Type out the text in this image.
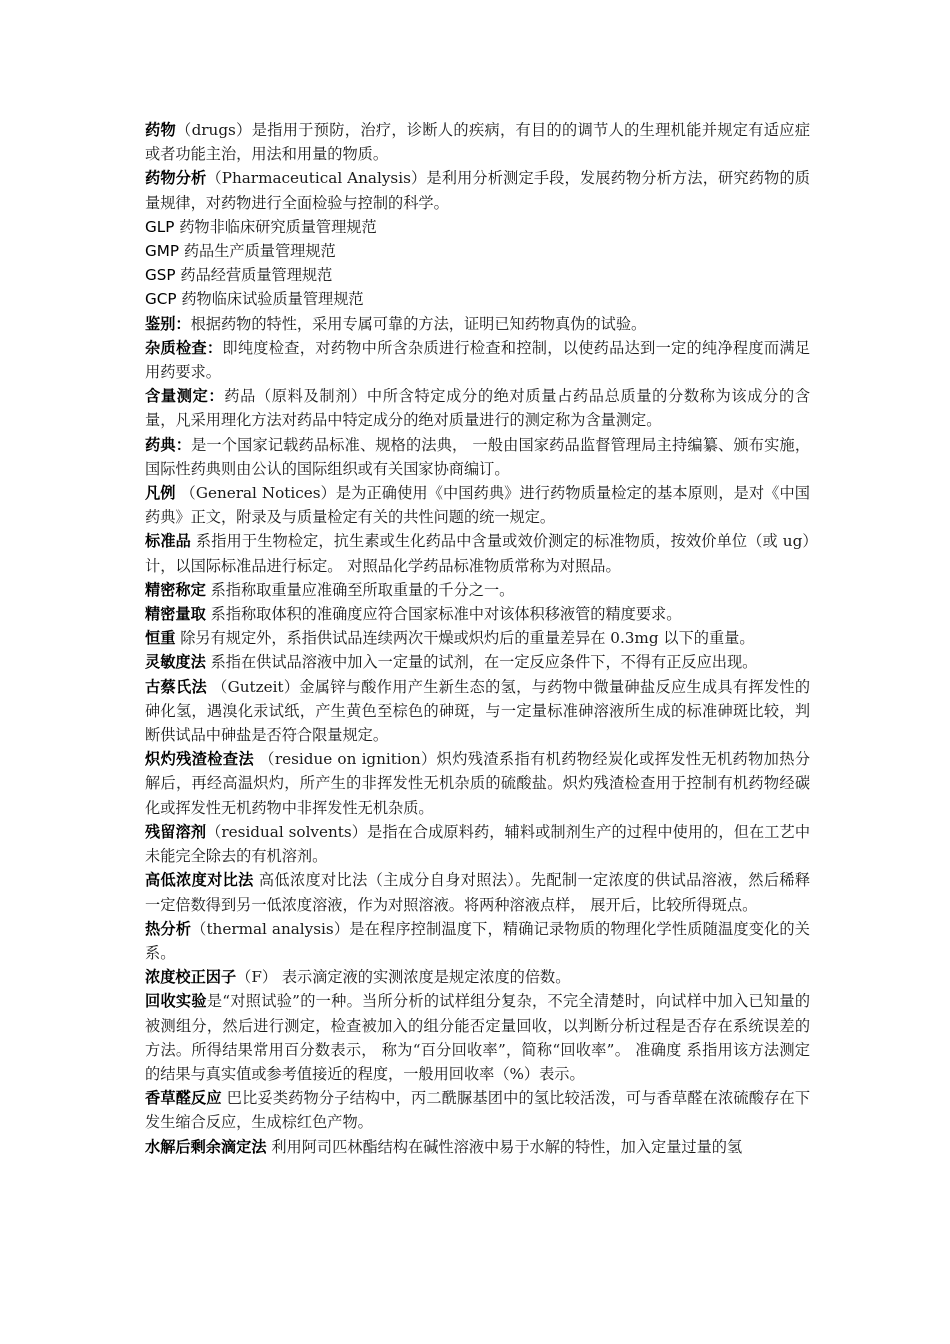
药物（drugs）是指用于预防，治疗，诊断人的疾病，有目的的调节人的生理机能并规定有适应症或者功能主治，用法和用量的物质。

药物分析（Pharmaceutical Analysis）是利用分析测定手段，发展药物分析方法，研究药物的质量规律，对药物进行全面检验与控制的科学。

GLP 药物非临床研究质量管理规范

GMP 药品生产质量管理规范

GSP 药品经营质量管理规范

GCP 药物临床试验质量管理规范

鉴别：根据药物的特性，采用专属可靠的方法，证明已知药物真伪的试验。

杂质检查：即纯度检查，对药物中所含杂质进行检查和控制，以使药品达到一定的纯净程度而满足用药要求。

含量测定：药品（原料及制剂）中所含特定成分的绝对质量占药品总质量的分数称为该成分的含量，凡采用理化方法对药品中特定成分的绝对质量进行的测定称为含量测定。

药典：是一个国家记载药品标准、规格的法典， 一般由国家药品监督管理局主持编纂、颁布实施，国际性药典则由公认的国际组织或有关国家协商编订。

凡例 （General Notices）是为正确使用《中国药典》进行药物质量检定的基本原则，是对《中国药典》正文，附录及与质量检定有关的共性问题的统一规定。

标准品 系指用于生物检定，抗生素或生化药品中含量或效价测定的标准物质，按效价单位（或 ug）计，以国际标准品进行标定。 对照品化学药品标准物质常称为对照品。

精密称定 系指称取重量应准确至所取重量的千分之一。

精密量取 系指称取体积的准确度应符合国家标准中对该体积移液管的精度要求。

恒重 除另有规定外，系指供试品连续两次干燥或炽灼后的重量差异在 0.3mg 以下的重量。

灵敏度法 系指在供试品溶液中加入一定量的试剂，在一定反应条件下，不得有正反应出现。

古蔡氏法 （Gutzeit）金属锌与酸作用产生新生态的氢，与药物中微量砷盐反应生成具有挥发性的砷化氢，遇溴化汞试纸，产生黄色至棕色的砷斑，与一定量标准砷溶液所生成的标准砷斑比较，判断供试品中砷盐是否符合限量规定。

炽灼残渣检查法 （residue on ignition）炽灼残渣系指有机药物经炭化或挥发性无机药物加热分解后，再经高温炽灼，所产生的非挥发性无机杂质的硫酸盐。炽灼残渣检查用于控制有机药物经碳化或挥发性无机药物中非挥发性无机杂质。

残留溶剂（residual solvents）是指在合成原料药，辅料或制剂生产的过程中使用的，但在工艺中未能完全除去的有机溶剂。

高低浓度对比法 高低浓度对比法（主成分自身对照法）。先配制一定浓度的供试品溶液，然后稀释一定倍数得到另一低浓度溶液，作为对照溶液。将两种溶液点样， 展开后，比较所得斑点。

热分析（thermal analysis）是在程序控制温度下，精确记录物质的物理化学性质随温度变化的关系。

浓度校正因子（F） 表示滴定液的实测浓度是规定浓度的倍数。

回收实验是“对照试验”的一种。当所分析的试样组分复杂，不完全清楚时，向试样中加入已知量的被测组分，然后进行测定，检查被加入的组分能否定量回收，以判断分析过程是否存在系统误差的方法。所得结果常用百分数表示， 称为“百分回收率”，简称“回收率”。 准确度 系指用该方法测定的结果与真实值或参考值接近的程度，一般用回收率（%）表示。

香草醛反应 巴比妥类药物分子结构中，丙二酰脲基团中的氢比较活泼，可与香草醛在浓硫酸存在下发生缩合反应，生成棕红色产物。

水解后剩余滴定法 利用阿司匹林酯结构在碱性溶液中易于水解的特性，加入定量过量的氢
